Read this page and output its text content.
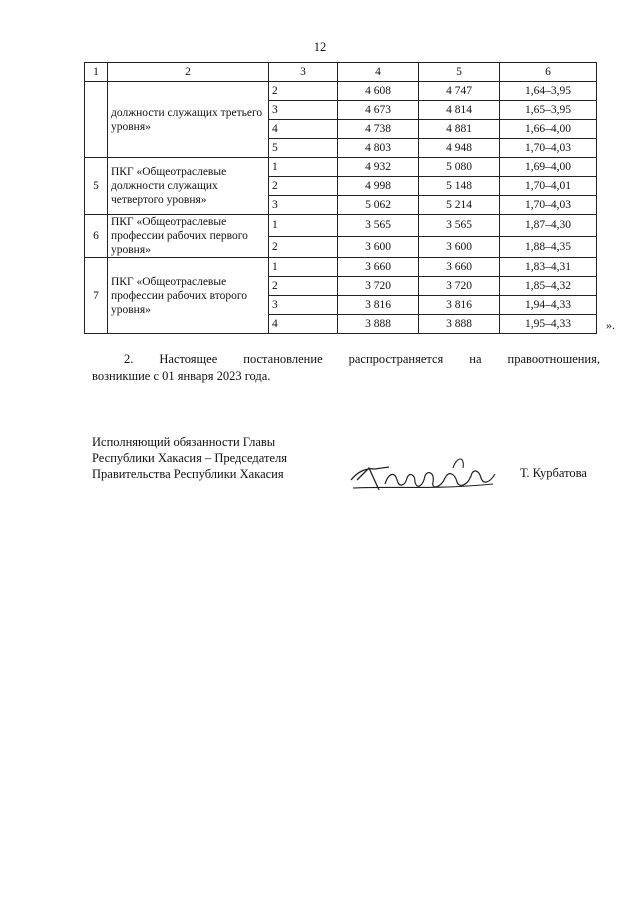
12
1	2	3	4	5	6
	должности служащих третьего уровня»	2	4 608	4 747	1,64–3,95
		3	4 673	4 814	1,65–3,95
		4	4 738	4 881	1,66–4,00
		5	4 803	4 948	1,70–4,03
5	ПКГ «Общеотраслевые должности служащих четвертого уровня»	1	4 932	5 080	1,69–4,00
		2	4 998	5 148	1,70–4,01
		3	5 062	5 214	1,70–4,03
6	ПКГ «Общеотраслевые профессии рабочих первого уровня»	1	3 565	3 565	1,87–4,30
		2	3 600	3 600	1,88–4,35
7	ПКГ «Общеотраслевые профессии рабочих второго уровня»	1	3 660	3 660	1,83–4,31
		2	3 720	3 720	1,85–4,32
		3	3 816	3 816	1,94–4,33
		4	3 888	3 888	1,95–4,33	».
2. Настоящее постановление распространяется на правоотношения,
возникшие с 01 января 2023 года.
Исполняющий обязанности Главы
Республики Хакасия – Председателя
Правительства Республики Хакасия	Т. Курбатова
